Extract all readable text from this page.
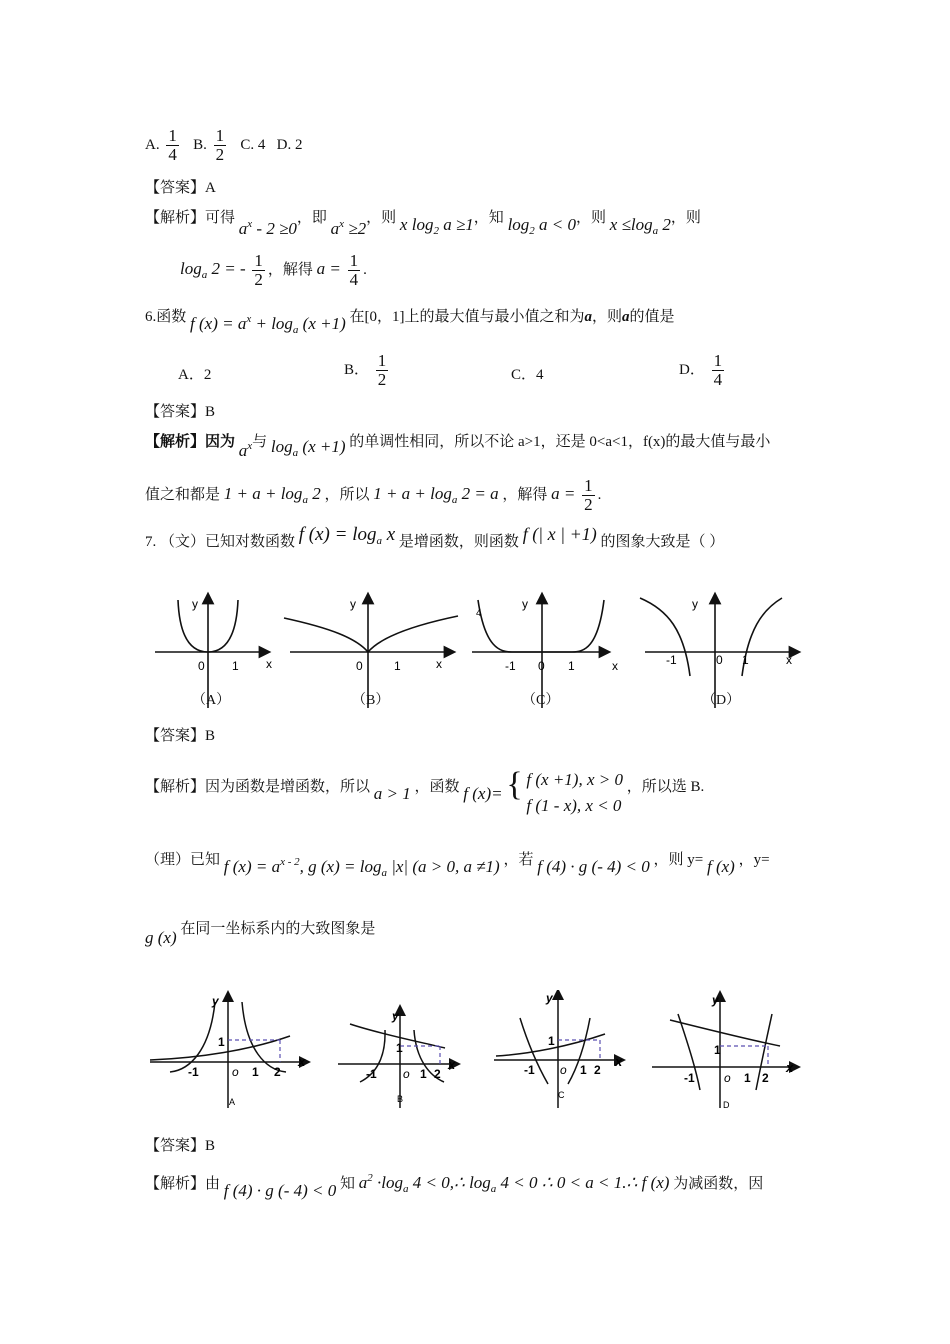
A. $\frac{1}{4} B$. $\frac{1}{2} C$. 4 D. 2
【答案】A
【解析】可得 $a^x - 2 \ge 0$，即 $a^x \ge 2$，则 x $\log_2 a \ge 1$，知 $\log_2 a < 0$，则 $x \le\log_a$ 2，则
$\log_a 2$ = - $\frac{1}{2}$ ，解得 $a = \frac{1}{4}$ .
6.函数 f $(x) = a^x + \log_a (x +1)$ 在[0，1]上的最大值与最小值之和为a，则a的值是
A．2	B． $\frac{1}{2}$	C．4	D． $\frac{1}{4}$
【答案】B
【解析】因为 $a^x$与 $\log_a (x +1)$ 的单调性相同，所以不论 a>1，还是 0<a<1，f(x)的最大值与最小
值之和都是 $1 + a + \log_a 2$ ，所以 $1 + a + \log_a 2 = a$ ，解得 $a = \frac{1}{2}$ .
7. （文）已知对数函数 f $(x) = \log_a x$ 是增函数，则函数 f (| x | +1) 的图象大致是（ ）
y
x
0 1
y
x
0	1
4
y
x
-1 0 1
y
x
-1	0 1
（A）	（B）	（C）	（D）
【答案】B
【解析】因为函数是增函数，所以 a > 1 ，函数 f (x)= { f (x +1), x > 0
f (1 - x), x < 0
，所以选 B.
（理）已知 f $(x) = a^{x - 2}$, g $(x) = \log_a |x|$ (a > 0, a ≠1) ，若 f (4) · g (- 4) < 0 ，则 y= f (x) ，y=
g (x) 在同一坐标系内的大致图象是
y
x
1
-1	o 1 2
A
y
x
1
-1 o 1 2
B
y
x
1
-1 o 1 2
C
y
x
1
-1 o 1 2
D
【答案】B
【解析】由 f (4) · g (- 4) < 0 知 $a^2 \cdot\log_a$ 4 < 0,∴ $\log_a 4 < 0$ ∴ 0 < a < 1.∴ f (x) 为减函数，因
